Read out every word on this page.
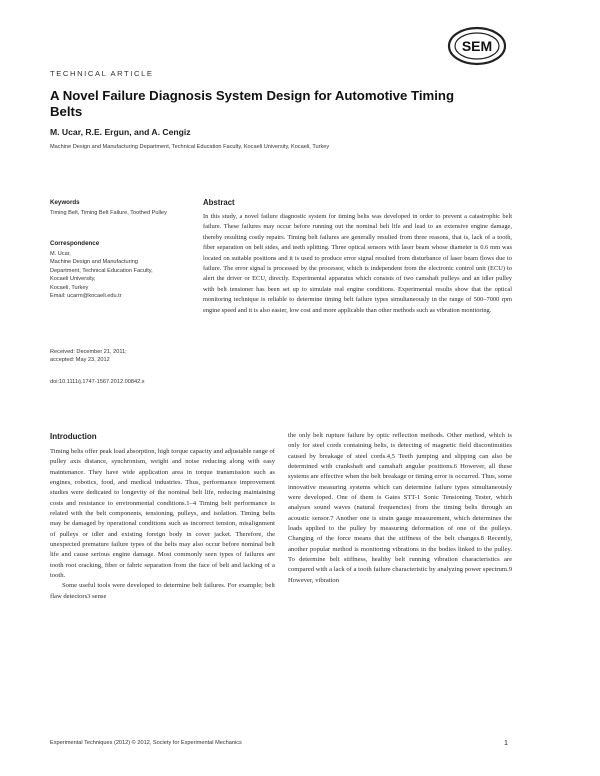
SEM
TECHNICAL ARTICLE
A Novel Failure Diagnosis System Design for Automotive Timing Belts
M. Ucar, R.E. Ergun, and A. Cengiz
Machine Design and Manufacturing Department, Technical Education Faculty, Kocaeli University, Kocaeli, Turkey
Keywords
Timing Belt, Timing Belt Failure, Toothed Pulley
Correspondence
M. Ucar,
Machine Design and Manufacturing
Department, Technical Education Faculty,
Kocaeli University,
Kocaeli, Turkey
Email: ucarm@kocaeli.edu.tr
Received: December 21, 2011;
accepted: May 23, 2012
doi:10.1111/j.1747-1567.2012.00842.x
Abstract
In this study, a novel failure diagnostic system for timing belts was developed in order to prevent a catastrophic belt failure. These failures may occur before running out the nominal belt life and lead to an extensive engine damage, thereby resulting costly repairs. Timing belt failures are generally resulted from three reasons, that is, lack of a tooth, fiber separation on belt sides, and teeth splitting. Three optical sensors with laser beam whose diameter is 0.6 mm was located on suitable positions and it is used to produce error signal resulted from disturbance of laser beam flows due to failure. The error signal is processed by the processor, which is independent from the electronic control unit (ECU) to alert the driver or ECU, directly. Experimental apparatus which consists of two camshaft pulleys and an idler pulley with belt tensioner has been set up to simulate real engine conditions. Experimental results show that the optical monitoring technique is reliable to determine timing belt failure types simultaneously in the range of 500–7000 rpm engine speed and it is also easier, low cost and more applicable than other methods such as vibration monitoring.
Introduction

Timing belts offer peak load absorption, high torque capacity and adjustable range of pulley axis distance, synchronism, weight and noise reducing along with easy maintenance. They have wide application area in torque transmission such as engines, robotics, food, and medical industries. Thus, performance improvement studies were dedicated to longevity of the nominal belt life, reducing maintaining costs and resistance to environmental conditions.1–4 Timing belt performance is related with the belt components, tensioning, pulleys, and isolation. Timing belts may be damaged by operational conditions such as incorrect tension, misalignment of pulleys or idler and existing foreign body in cover jacket. Therefore, the unexpected premature failure types of the belts may also occur before nominal belt life and cause serious engine damage. Most commonly seen types of failures are tooth root cracking, fiber or fabric separation from the face of belt and lacking of a tooth.

Some useful tools were developed to determine belt failures. For example; belt flaw detectors3 sense

the only belt rupture failure by optic reflection methods. Other method, which is only for steel cords containing belts, is detecting of magnetic field discontinuities caused by breakage of steel cords.4,5 Teeth jumping and slipping can also be determined with crankshaft and camshaft angular positions.6 However, all these systems are effective when the belt breakage or timing error is occurred. Thus, some innovative measuring systems which can determine failure types simultaneously were developed. One of them is Gates STT-1 Sonic Tensioning Tester, which analyses sound waves (natural frequencies) from the timing belts through an acoustic sensor.7 Another one is strain gauge measurement, which determines the loads applied to the pulley by measuring deformation of one of the pulleys. Changing of the force means that the stiffness of the belt changes.8 Recently, another popular method is monitoring vibrations in the bodies linked to the pulley. To determine belt stiffness, healthy belt running vibration characteristics are compared with a lack of a tooth failure characteristic by analyzing power spectrum.9 However, vibration

Experimental Techniques (2012) © 2012, Society for Experimental Mechanics	1
